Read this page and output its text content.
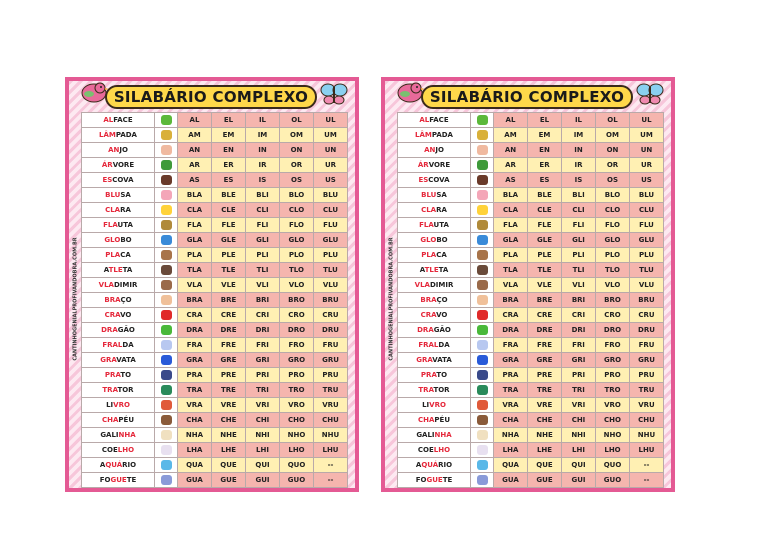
SILABÁRIO COMPLEXO
CANTINHOGENIALPROFIVANDOBRA.COM.BR
ALFACE		AL	EL	IL	OL	UL
LÂMPADA		AM	EM	IM	OM	UM
ANJO		AN	EN	IN	ON	UN
ÁRVORE		AR	ER	IR	OR	UR
ESCOVA		AS	ES	IS	OS	US
BLUSA		BLA	BLE	BLI	BLO	BLU
CLARA		CLA	CLE	CLI	CLO	CLU
FLAUTA		FLA	FLE	FLI	FLO	FLU
GLOBO		GLA	GLE	GLI	GLO	GLU
PLACA		PLA	PLE	PLI	PLO	PLU
ATLETA		TLA	TLE	TLI	TLO	TLU
VLADIMIR		VLA	VLE	VLI	VLO	VLU
BRAÇO		BRA	BRE	BRI	BRO	BRU
CRAVO		CRA	CRE	CRI	CRO	CRU
DRAGÃO		DRA	DRE	DRI	DRO	DRU
FRALDA		FRA	FRE	FRI	FRO	FRU
GRAVATA		GRA	GRE	GRI	GRO	GRU
PRATO		PRA	PRE	PRI	PRO	PRU
TRATOR		TRA	TRE	TRI	TRO	TRU
LIVRO		VRA	VRE	VRI	VRO	VRU
CHAPÉU		CHA	CHE	CHI	CHO	CHU
GALINHA		NHA	NHE	NHI	NHO	NHU
COELHO		LHA	LHE	LHI	LHO	LHU
AQUÁRIO		QUA	QUE	QUI	QUO	--
FOGUETE		GUA	GUE	GUI	GUO	--
SILABÁRIO COMPLEXO
CANTINHOGENIALPROFIVANDOBRA.COM.BR
ALFACE		AL	EL	IL	OL	UL
LÂMPADA		AM	EM	IM	OM	UM
ANJO		AN	EN	IN	ON	UN
ÁRVORE		AR	ER	IR	OR	UR
ESCOVA		AS	ES	IS	OS	US
BLUSA		BLA	BLE	BLI	BLO	BLU
CLARA		CLA	CLE	CLI	CLO	CLU
FLAUTA		FLA	FLE	FLI	FLO	FLU
GLOBO		GLA	GLE	GLI	GLO	GLU
PLACA		PLA	PLE	PLI	PLO	PLU
ATLETA		TLA	TLE	TLI	TLO	TLU
VLADIMIR		VLA	VLE	VLI	VLO	VLU
BRAÇO		BRA	BRE	BRI	BRO	BRU
CRAVO		CRA	CRE	CRI	CRO	CRU
DRAGÃO		DRA	DRE	DRI	DRO	DRU
FRALDA		FRA	FRE	FRI	FRO	FRU
GRAVATA		GRA	GRE	GRI	GRO	GRU
PRATO		PRA	PRE	PRI	PRO	PRU
TRATOR		TRA	TRE	TRI	TRO	TRU
LIVRO		VRA	VRE	VRI	VRO	VRU
CHAPÉU		CHA	CHE	CHI	CHO	CHU
GALINHA		NHA	NHE	NHI	NHO	NHU
COELHO		LHA	LHE	LHI	LHO	LHU
AQUÁRIO		QUA	QUE	QUI	QUO	--
FOGUETE		GUA	GUE	GUI	GUO	--
